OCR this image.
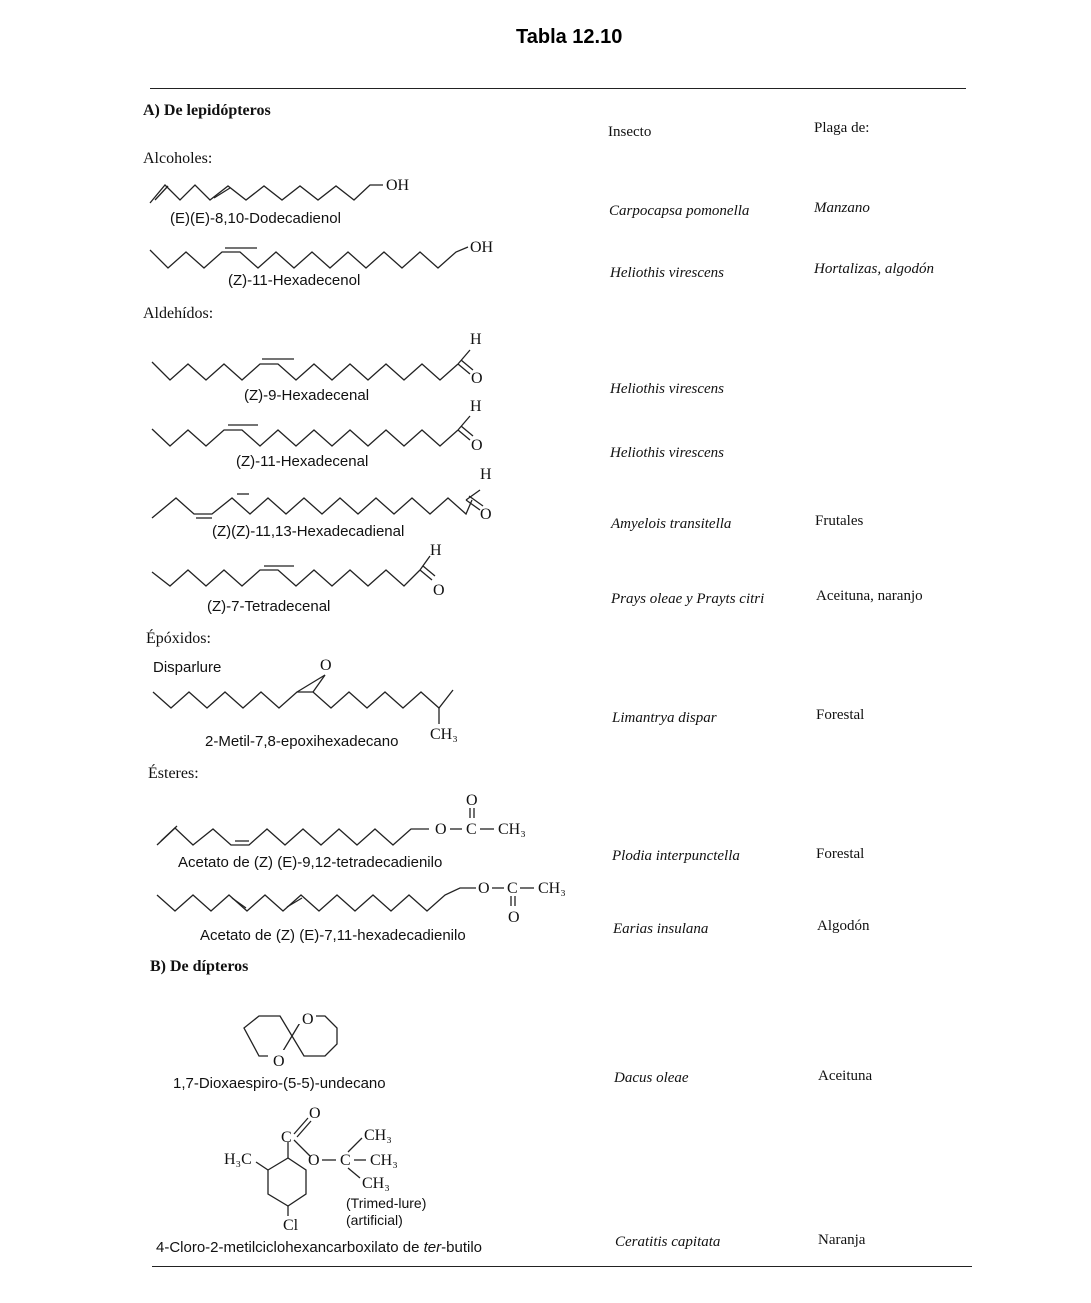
Tabla 12.10
A) De lepidópteros
Insecto	Plaga de:
Alcoholes:
Aldehídos:
Épóxidos:
Ésteres:
B) De dípteros
(E)(E)-8,10-Dodecadienol
(Z)-11-Hexadecenol
(Z)-9-Hexadecenal
(Z)-11-Hexadecenal
(Z)(Z)-11,13-Hexadecadienal
(Z)-7-Tetradecenal
Disparlure
2-Metil-7,8-epoxihexadecano
Acetato de (Z) (E)-9,12-tetradecadienilo
Acetato de (Z) (E)-7,11-hexadecadienilo
1,7-Dioxaespiro-(5-5)-undecano
4-Cloro-2-metilciclohexancarboxilato de ter-butilo
Carpocapsa pomonella
Heliothis virescens
Heliothis virescens
Heliothis virescens
Amyelois transitella
Prays oleae y Prayts citri
Limantrya dispar
Plodia interpunctella
Earias insulana
Dacus oleae
Ceratitis capitata
Manzano
Hortalizas, algodón
Frutales
Aceituna, naranjo
Forestal
Forestal
Algodón
Aceituna
Naranja
OH
OH
H
O
H
O
H
O
H
O
O
CH₃
O C
O
CH₃
O C
O
CH₃
O
O
C
O
O C
CH₃
CH₃
CH₃
H₃C
Cl
(Trimed-lure)
(artificial)
